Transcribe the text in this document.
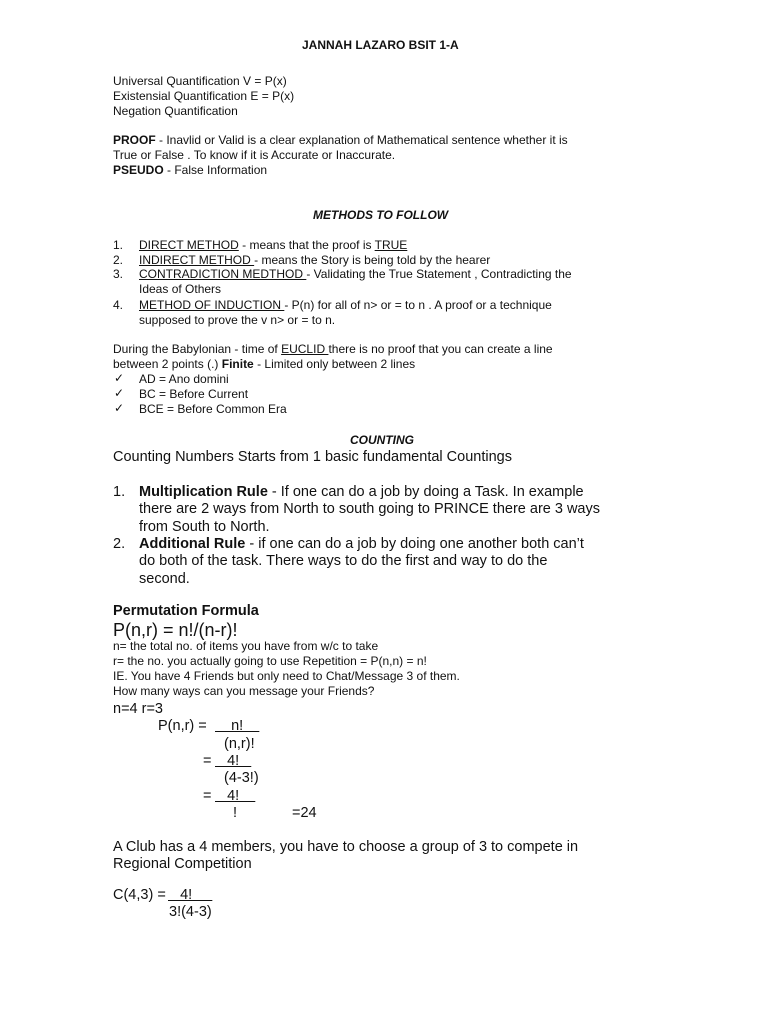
JANNAH LAZARO BSIT 1-A
Universal Quantification V = P(x)
Existensial Quantification E = P(x)
Negation Quantification
PROOF - Inavlid or Valid is a clear explanation of Mathematical sentence whether it is
True or False . To know if it is Accurate or Inaccurate.
PSEUDO - False Information
METHODS TO FOLLOW
1. DIRECT METHOD - means that the proof is TRUE
2. INDIRECT METHOD - means the Story is being told by the hearer
3. CONTRADICTION MEDTHOD - Validating the True Statement , Contradicting the
Ideas of Others
4. METHOD OF INDUCTION - P(n) for all of n> or = to n . A proof or a technique
supposed to prove the v n> or = to n.
During the Babylonian - time of EUCLID there is no proof that you can create a line
between 2 points (.) Finite - Limited only between 2 lines
✓ AD = Ano domini
✓ BC = Before Current
✓ BCE = Before Common Era
COUNTING
Counting Numbers Starts from 1 basic fundamental Countings
1. Multiplication Rule - If one can do a job by doing a Task. In example
there are 2 ways from North to south going to PRINCE there are 3 ways
from South to North.
2. Additional Rule - if one can do a job by doing one another both can’t
do both of the task. There ways to do the first and way to do the
second.
Permutation Formula
P(n,r) = n!/(n-r)!
n= the total no. of items you have from w/c to take
r= the no. you actually going to use Repetition = P(n,n) = n!
IE. You have 4 Friends but only need to Chat/Message 3 of them.
How many ways can you message your Friends?
n=4 r=3
P(n,r) = n!
(n,r)!
= 4!
(4-3!)
= 4!
!	=24
A Club has a 4 members, you have to choose a group of 3 to compete in
Regional Competition
C(4,3) = 4!
3!(4-3)
